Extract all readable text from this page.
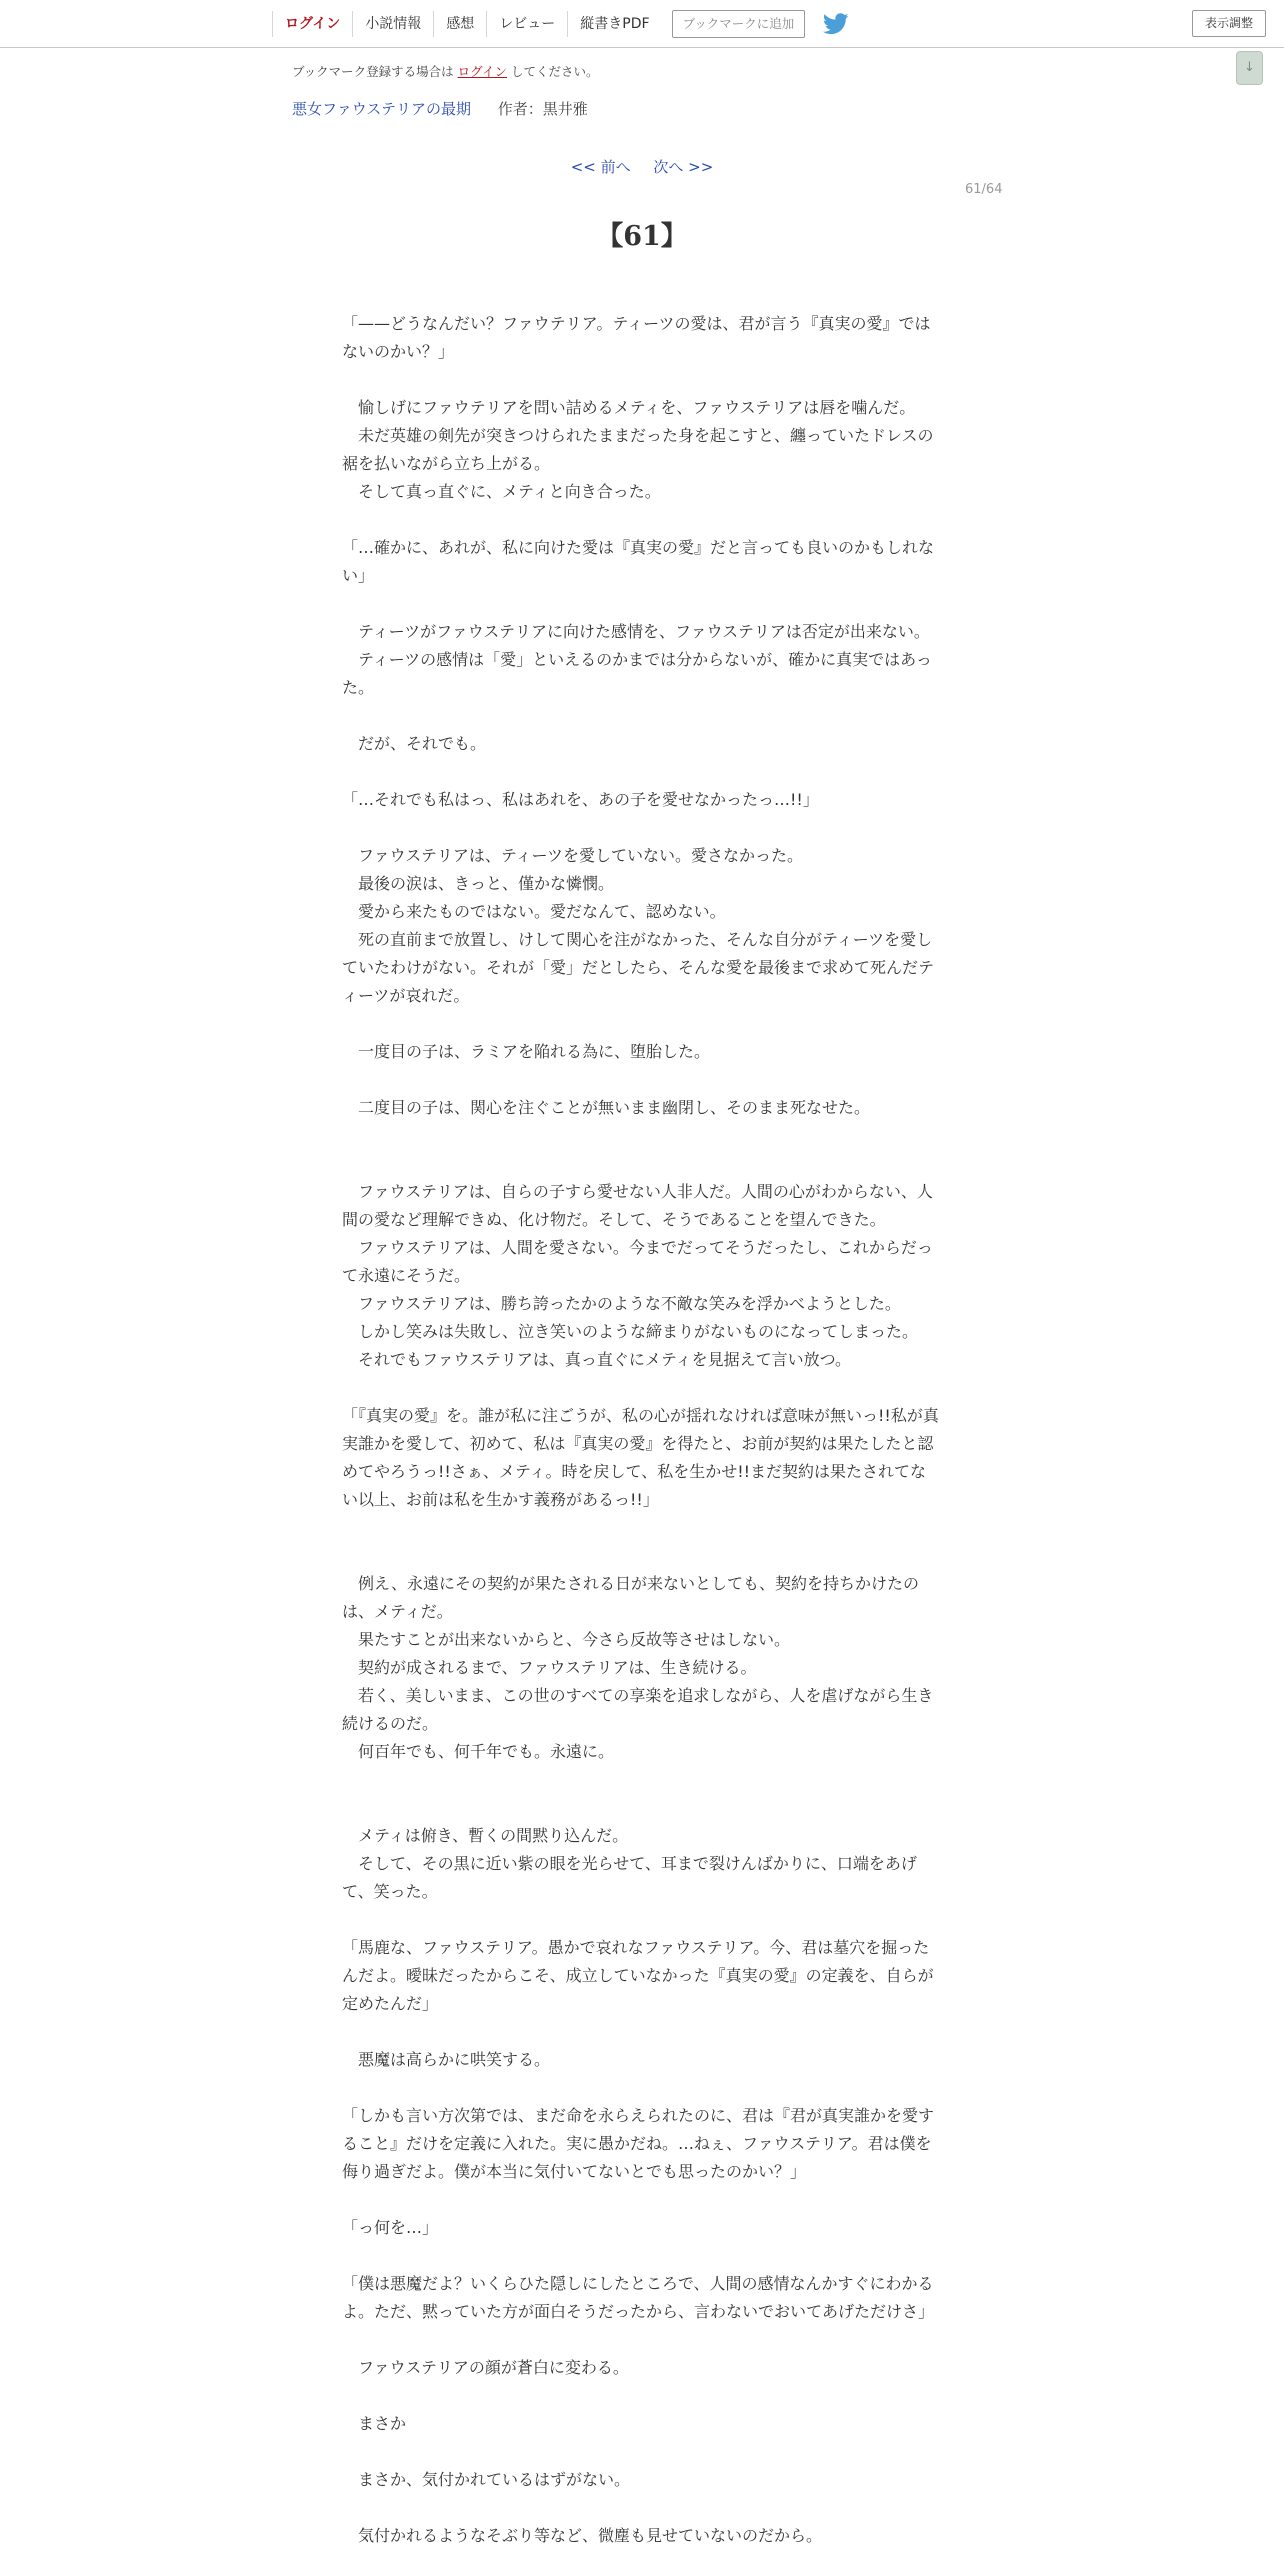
ログイン	小説情報	感想	レビュー	縦書きPDF	ブックマークに追加	表示調整
↓
ブックマーク登録する場合は ログイン してください。
悪女ファウステリアの最期 作者：黒井雅
<< 前へ 次へ >>
61/64
【61】

「——どうなんだい？ファウテリア。ティーツの愛は、君が言う『真実の愛』ではないのかい？」

　愉しげにファウテリアを問い詰めるメティを、ファウステリアは唇を噛んだ。

　未だ英雄の剣先が突きつけられたままだった身を起こすと、纏っていたドレスの裾を払いながら立ち上がる。

　そして真っ直ぐに、メティと向き合った。

「…確かに、あれが、私に向けた愛は『真実の愛』だと言っても良いのかもしれない」

　ティーツがファウステリアに向けた感情を、ファウステリアは否定が出来ない。

　ティーツの感情は「愛」といえるのかまでは分からないが、確かに真実ではあった。

　だが、それでも。

「…それでも私はっ、私はあれを、あの子を愛せなかったっ…!!」

　ファウステリアは、ティーツを愛していない。愛さなかった。

　最後の涙は、きっと、僅かな憐憫。

　愛から来たものではない。愛だなんて、認めない。

　死の直前まで放置し、けして関心を注がなかった、そんな自分がティーツを愛していたわけがない。それが「愛」だとしたら、そんな愛を最後まで求めて死んだティーツが哀れだ。

　一度目の子は、ラミアを陥れる為に、堕胎した。

　二度目の子は、関心を注ぐことが無いまま幽閉し、そのまま死なせた。

　ファウステリアは、自らの子すら愛せない人非人だ。人間の心がわからない、人間の愛など理解できぬ、化け物だ。そして、そうであることを望んできた。

　ファウステリアは、人間を愛さない。今までだってそうだったし、これからだって永遠にそうだ。

　ファウステリアは、勝ち誇ったかのような不敵な笑みを浮かべようとした。

　しかし笑みは失敗し、泣き笑いのような締まりがないものになってしまった。

　それでもファウステリアは、真っ直ぐにメティを見据えて言い放つ。

「『真実の愛』を。誰が私に注ごうが、私の心が揺れなければ意味が無いっ!!私が真実誰かを愛して、初めて、私は『真実の愛』を得たと、お前が契約は果たしたと認めてやろうっ!!さぁ、メティ。時を戻して、私を生かせ!!まだ契約は果たされてない以上、お前は私を生かす義務があるっ!!」

　例え、永遠にその契約が果たされる日が来ないとしても、契約を持ちかけたのは、メティだ。

　果たすことが出来ないからと、今さら反故等させはしない。

　契約が成されるまで、ファウステリアは、生き続ける。

　若く、美しいまま、この世のすべての享楽を追求しながら、人を虐げながら生き続けるのだ。

　何百年でも、何千年でも。永遠に。

　メティは俯き、暫くの間黙り込んだ。

　そして、その黒に近い紫の眼を光らせて、耳まで裂けんばかりに、口端をあげて、笑った。

「馬鹿な、ファウステリア。愚かで哀れなファウステリア。今、君は墓穴を掘ったんだよ。曖昧だったからこそ、成立していなかった『真実の愛』の定義を、自らが定めたんだ」

　悪魔は高らかに哄笑する。

「しかも言い方次第では、まだ命を永らえられたのに、君は『君が真実誰かを愛すること』だけを定義に入れた。実に愚かだね。…ねぇ、ファウステリア。君は僕を侮り過ぎだよ。僕が本当に気付いてないとでも思ったのかい？」

「っ何を…」

「僕は悪魔だよ？いくらひた隠しにしたところで、人間の感情なんかすぐにわかるよ。ただ、黙っていた方が面白そうだったから、言わないでおいてあげただけさ」

　ファウステリアの顔が蒼白に変わる。

　まさか

　まさか、気付かれているはずがない。

　気付かれるようなそぶり等など、微塵も見せていないのだから。
